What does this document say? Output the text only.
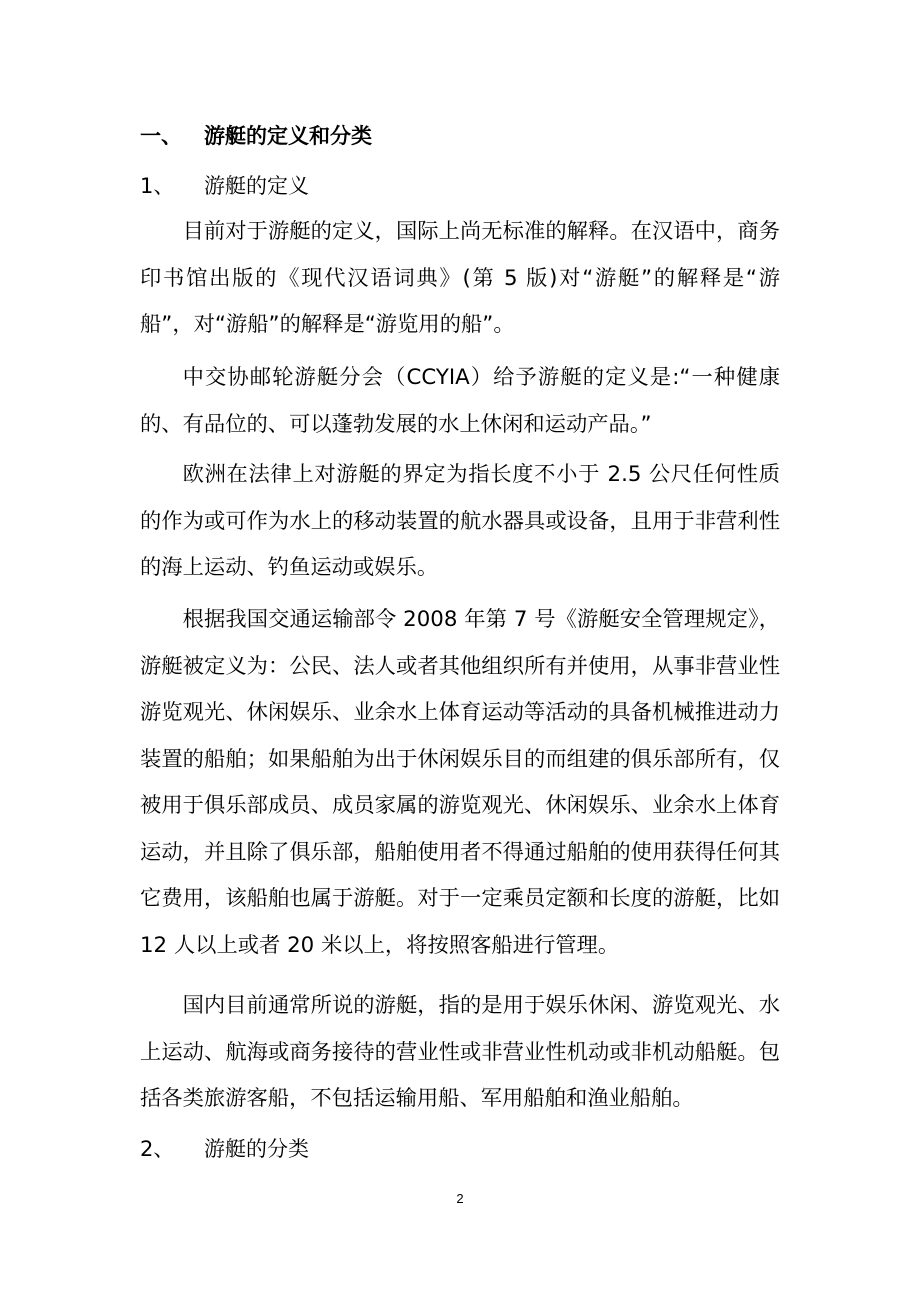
一、 游艇的定义和分类
1、 游艇的定义

目前对于游艇的定义，国际上尚无标准的解释。在汉语中，商务印书馆出版的《现代汉语词典》(第 5 版)对“游艇”的解释是“游船”，对“游船”的解释是“游览用的船”。

中交协邮轮游艇分会（CCYIA）给予游艇的定义是:“一种健康的、有品位的、可以蓬勃发展的水上休闲和运动产品。”

欧洲在法律上对游艇的界定为指长度不小于 2.5 公尺任何性质的作为或可作为水上的移动装置的航水器具或设备，且用于非营利性的海上运动、钓鱼运动或娱乐。

根据我国交通运输部令 2008 年第 7 号《游艇安全管理规定》，游艇被定义为：公民、法人或者其他组织所有并使用，从事非营业性游览观光、休闲娱乐、业余水上体育运动等活动的具备机械推进动力装置的船舶；如果船舶为出于休闲娱乐目的而组建的俱乐部所有，仅被用于俱乐部成员、成员家属的游览观光、休闲娱乐、业余水上体育运动，并且除了俱乐部，船舶使用者不得通过船舶的使用获得任何其它费用，该船舶也属于游艇。对于一定乘员定额和长度的游艇，比如 12 人以上或者 20 米以上，将按照客船进行管理。

国内目前通常所说的游艇，指的是用于娱乐休闲、游览观光、水上运动、航海或商务接待的营业性或非营业性机动或非机动船艇。包括各类旅游客船，不包括运输用船、军用船舶和渔业船舶。

2、 游艇的分类
2
